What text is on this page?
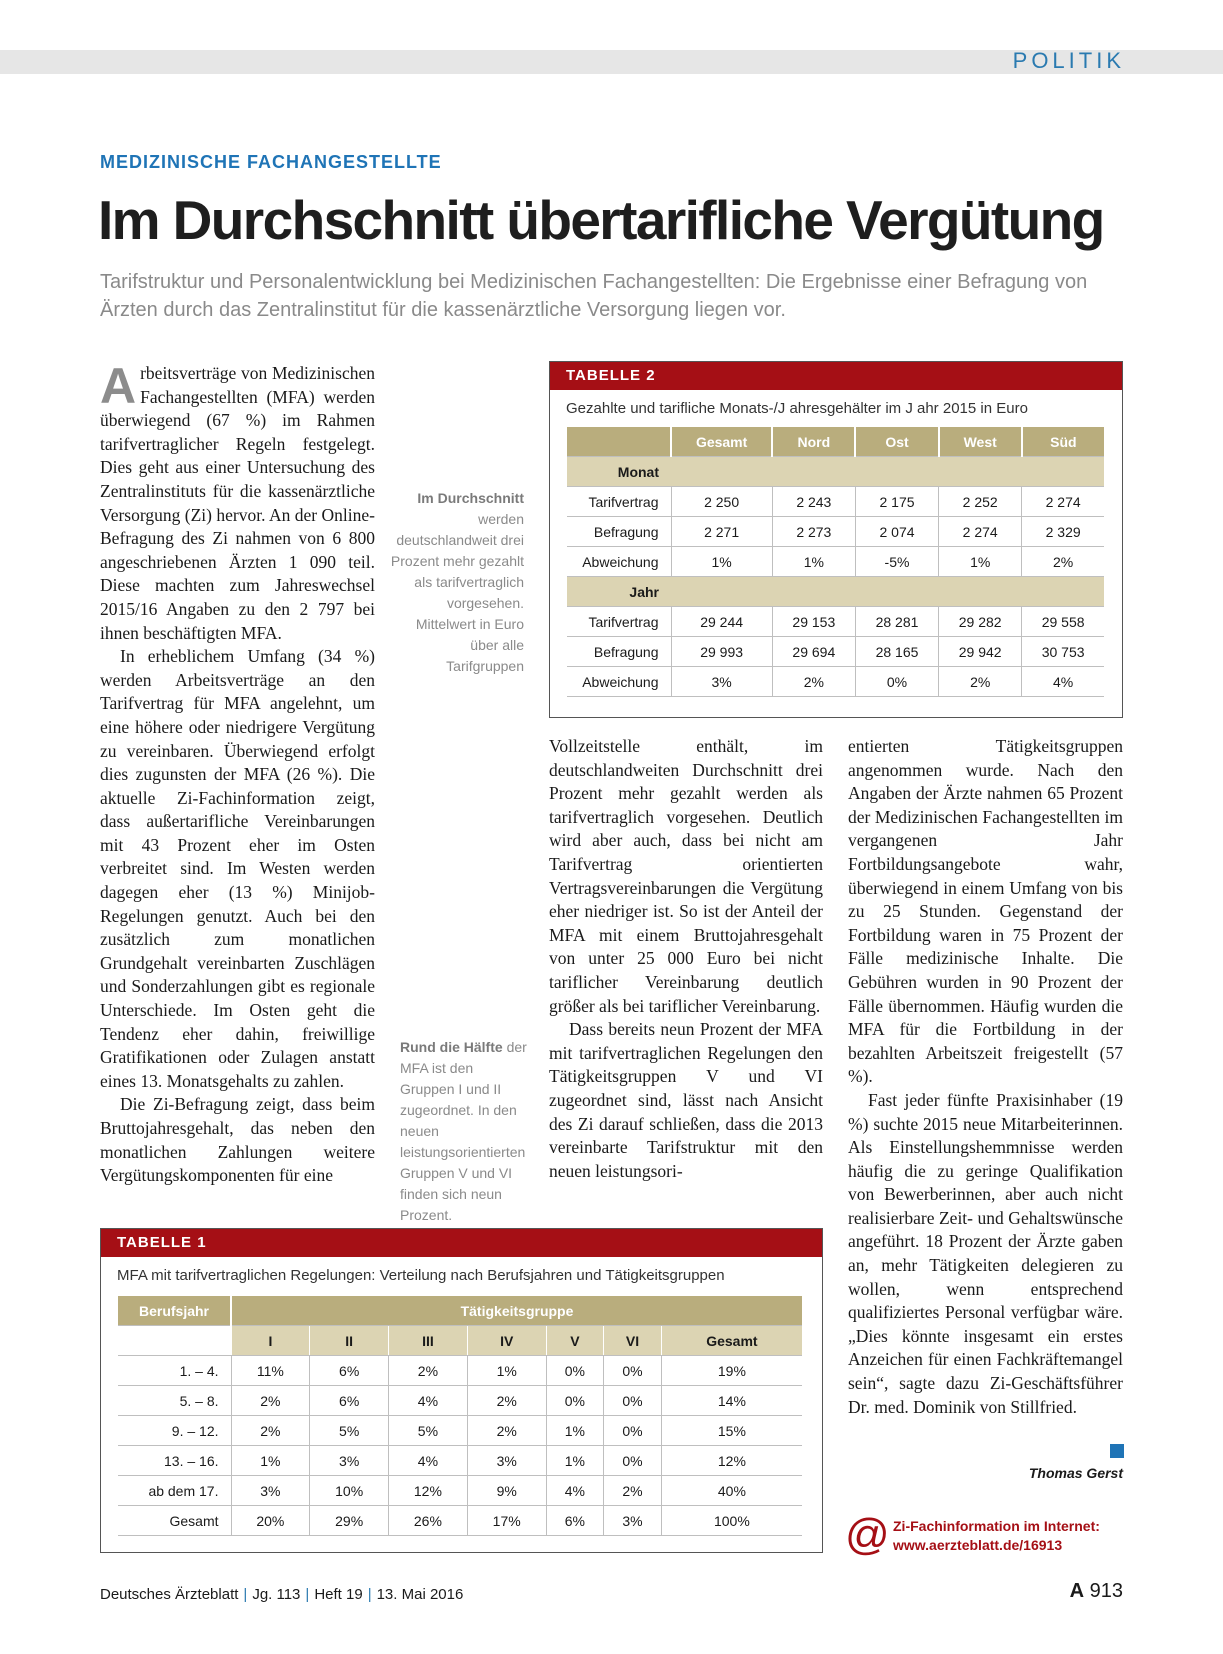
POLITIK
MEDIZINISCHE FACHANGESTELLTE
Im Durchschnitt übertarifliche Vergütung
Tarifstruktur und Personalentwicklung bei Medizinischen Fachangestellten: Die Ergebnisse einer Befragung von Ärzten durch das Zentralinstitut für die kassenärztliche Versorgung liegen vor.

Arbeitsverträge von Medizinischen Fachangestellten (MFA) werden überwiegend (67 %) im Rahmen tarifvertraglicher Regeln festgelegt. Dies geht aus einer Untersuchung des Zentralinstituts für die kassenärztliche Versorgung (Zi) hervor. An der Online-Befragung des Zi nahmen von 6 800 angeschriebenen Ärzten 1 090 teil. Diese machten zum Jahreswechsel 2015/16 Angaben zu den 2 797 bei ihnen beschäftigten MFA.

In erheblichem Umfang (34 %) werden Arbeitsverträge an den Tarifvertrag für MFA angelehnt, um eine höhere oder niedrigere Vergütung zu vereinbaren. Überwiegend erfolgt dies zugunsten der MFA (26 %). Die aktuelle Zi-Fachinformation zeigt, dass außertarifliche Vereinbarungen mit 43 Prozent eher im Osten verbreitet sind. Im Westen werden dagegen eher (13 %) Minijob-Regelungen genutzt. Auch bei den zusätzlich zum monatlichen Grundgehalt vereinbarten Zuschlägen und Sonderzahlungen gibt es regionale Unterschiede. Im Osten geht die Tendenz eher dahin, freiwillige Gratifikationen oder Zulagen anstatt eines 13. Monatsgehalts zu zahlen.

Die Zi-Befragung zeigt, dass beim Bruttojahresgehalt, das neben den monatlichen Zahlungen weitere Vergütungskomponenten für eine

Im Durchschnitt werden deutschlandweit drei Prozent mehr gezahlt als tarifvertraglich vorgesehen. Mittelwert in Euro über alle Tarifgruppen
Rund die Hälfte der MFA ist den Gruppen I und II zugeordnet. In den neuen leistungsorientierten Gruppen V und VI finden sich neun Prozent.
TABELLE 2
Gezahlte und tarifliche Monats-/J ahresgehälter im J ahr 2015 in Euro
	Gesamt	Nord	Ost	West	Süd
Monat					
Tarifvertrag	2 250	2 243	2 175	2 252	2 274
Befragung	2 271	2 273	2 074	2 274	2 329
Abweichung	1%	1%	-5%	1%	2%
Jahr					
Tarifvertrag	29 244	29 153	28 281	29 282	29 558
Befragung	29 993	29 694	28 165	29 942	30 753
Abweichung	3%	2%	0%	2%	4%

Vollzeitstelle enthält, im deutschlandweiten Durchschnitt drei Prozent mehr gezahlt werden als tarifvertraglich vorgesehen. Deutlich wird aber auch, dass bei nicht am Tarifvertrag orientierten Vertragsvereinbarungen die Vergütung eher niedriger ist. So ist der Anteil der MFA mit einem Bruttojahresgehalt von unter 25 000 Euro bei nicht tariflicher Vereinbarung deutlich größer als bei tariflicher Vereinbarung.

Dass bereits neun Prozent der MFA mit tarifvertraglichen Regelungen den Tätigkeitsgruppen V und VI zugeordnet sind, lässt nach Ansicht des Zi darauf schließen, dass die 2013 vereinbarte Tarifstruktur mit den neuen leistungsori-

entierten Tätigkeitsgruppen angenommen wurde. Nach den Angaben der Ärzte nahmen 65 Prozent der Medizinischen Fachangestellten im vergangenen Jahr Fortbildungsangebote wahr, überwiegend in einem Umfang von bis zu 25 Stunden. Gegenstand der Fortbildung waren in 75 Prozent der Fälle medizinische Inhalte. Die Gebühren wurden in 90 Prozent der Fälle übernommen. Häufig wurden die MFA für die Fortbildung in der bezahlten Arbeitszeit freigestellt (57 %).

Fast jeder fünfte Praxisinhaber (19 %) suchte 2015 neue Mitarbeiterinnen. Als Einstellungshemmnisse werden häufig die zu geringe Qualifikation von Bewerberinnen, aber auch nicht realisierbare Zeit- und Gehaltswünsche angeführt. 18 Prozent der Ärzte gaben an, mehr Tätigkeiten delegieren zu wollen, wenn entsprechend qualifiziertes Personal verfügbar wäre. „Dies könnte insgesamt ein erstes Anzeichen für einen Fachkräftemangel sein“, sagte dazu Zi-Geschäftsführer Dr. med. Dominik von Stillfried.

Thomas Gerst
TABELLE 1
MFA mit tarifvertraglichen Regelungen: Verteilung nach Berufsjahren und Tätigkeitsgruppen
Berufsjahr	Tätigkeitsgruppe						
	I	II	III	IV	V	VI	Gesamt
1. – 4.	11%	6%	2%	1%	0%	0%	19%
5. – 8.	2%	6%	4%	2%	0%	0%	14%
9. – 12.	2%	5%	5%	2%	1%	0%	15%
13. – 16.	1%	3%	4%	3%	1%	0%	12%
ab dem 17.	3%	10%	12%	9%	4%	2%	40%
Gesamt	20%	29%	26%	17%	6%	3%	100% @ Zi-Fachinformation im Internet:
www.aerzteblatt.de/16913
Deutsches Ärzteblatt | Jg. 113 | Heft 19 | 13. Mai 2016	A 913
